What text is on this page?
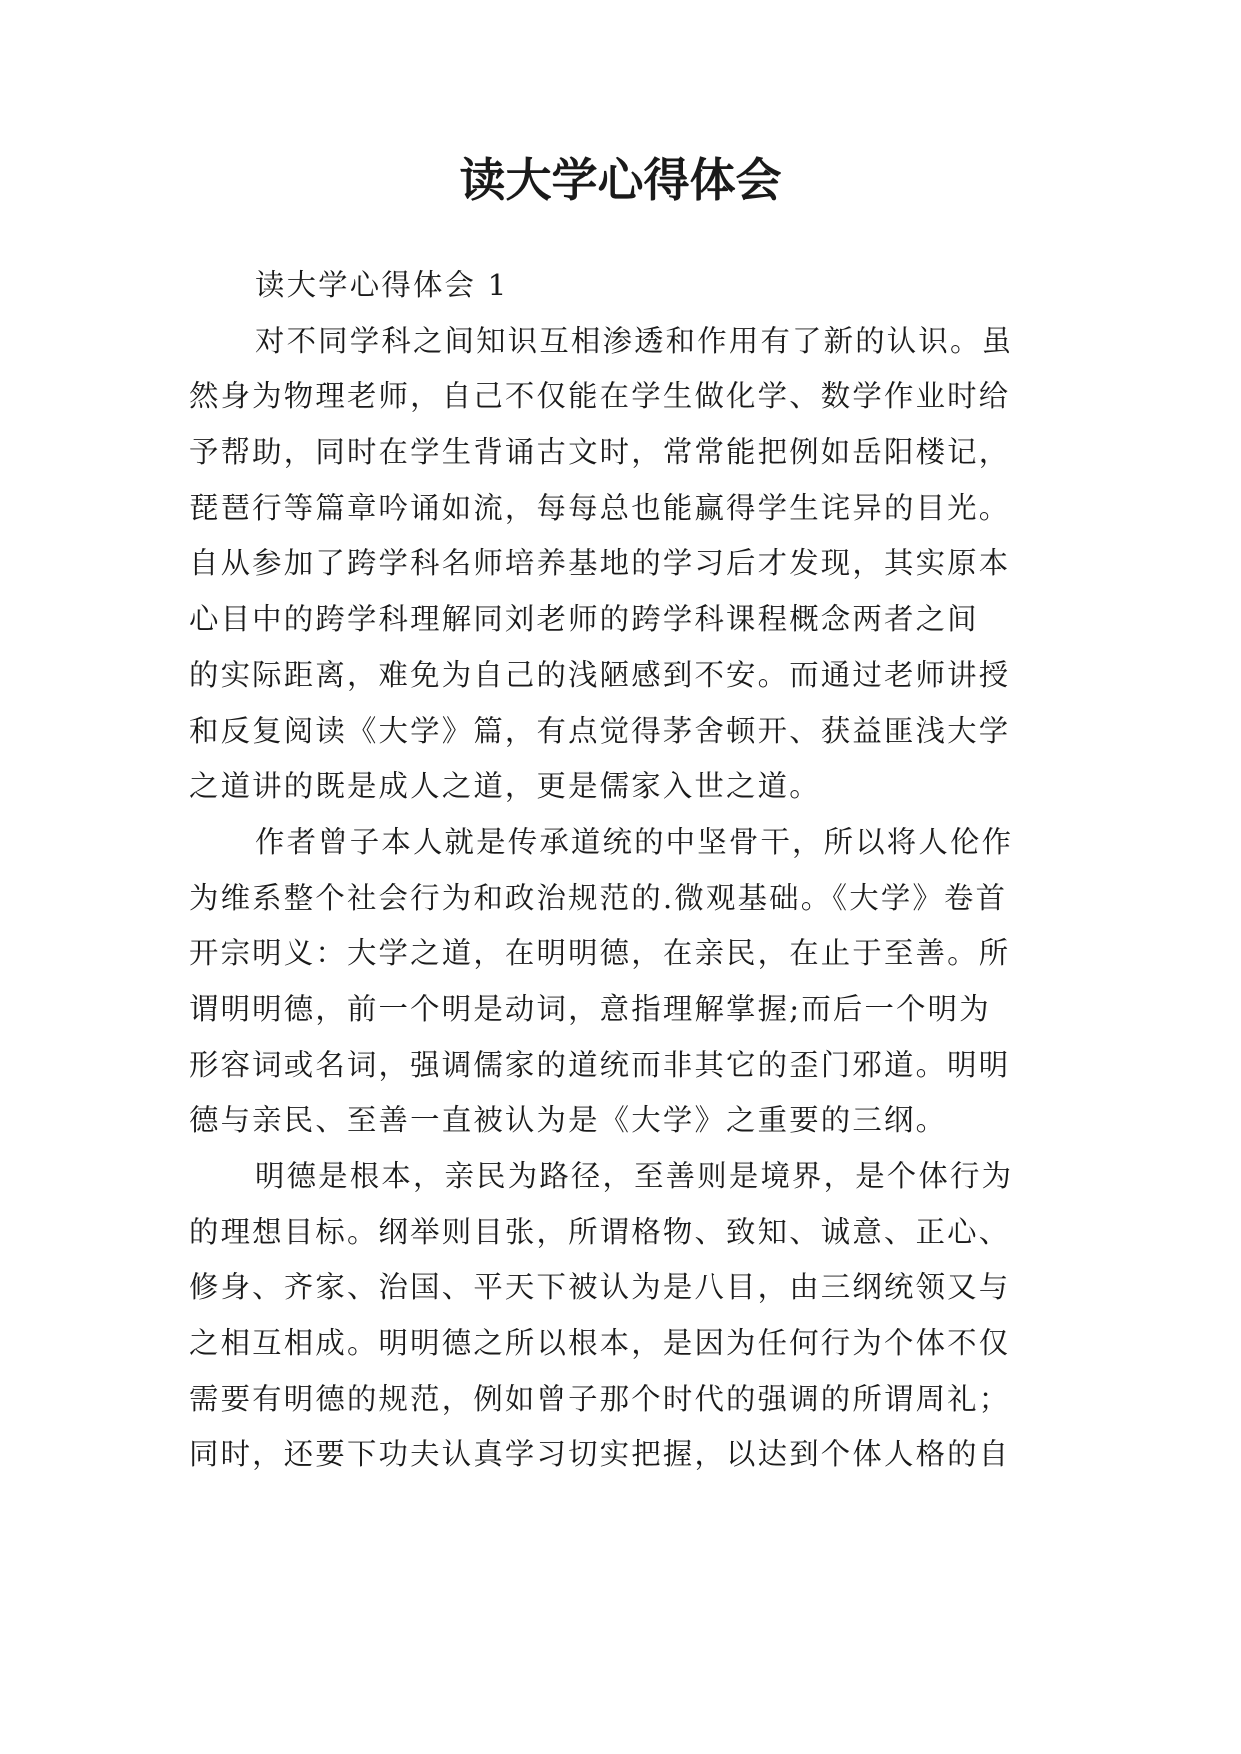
读大学心得体会
读大学心得体会 1
对不同学科之间知识互相渗透和作用有了新的认识。虽
然身为物理老师，自己不仅能在学生做化学、数学作业时给
予帮助，同时在学生背诵古文时，常常能把例如岳阳楼记，
琵琶行等篇章吟诵如流，每每总也能赢得学生诧异的目光。
自从参加了跨学科名师培养基地的学习后才发现，其实原本
心目中的跨学科理解同刘老师的跨学科课程概念两者之间
的实际距离，难免为自己的浅陋感到不安。而通过老师讲授
和反复阅读《大学》篇，有点觉得茅舍顿开、获益匪浅大学
之道讲的既是成人之道，更是儒家入世之道。
作者曾子本人就是传承道统的中坚骨干，所以将人伦作
为维系整个社会行为和政治规范的.微观基础。《大学》卷首
开宗明义：大学之道，在明明德，在亲民，在止于至善。所
谓明明德，前一个明是动词，意指理解掌握;而后一个明为
形容词或名词，强调儒家的道统而非其它的歪门邪道。明明
德与亲民、至善一直被认为是《大学》之重要的三纲。
明德是根本，亲民为路径，至善则是境界，是个体行为
的理想目标。纲举则目张，所谓格物、致知、诚意、正心、
修身、齐家、治国、平天下被认为是八目，由三纲统领又与
之相互相成。明明德之所以根本，是因为任何行为个体不仅
需要有明德的规范，例如曾子那个时代的强调的所谓周礼；
同时，还要下功夫认真学习切实把握，以达到个体人格的自
